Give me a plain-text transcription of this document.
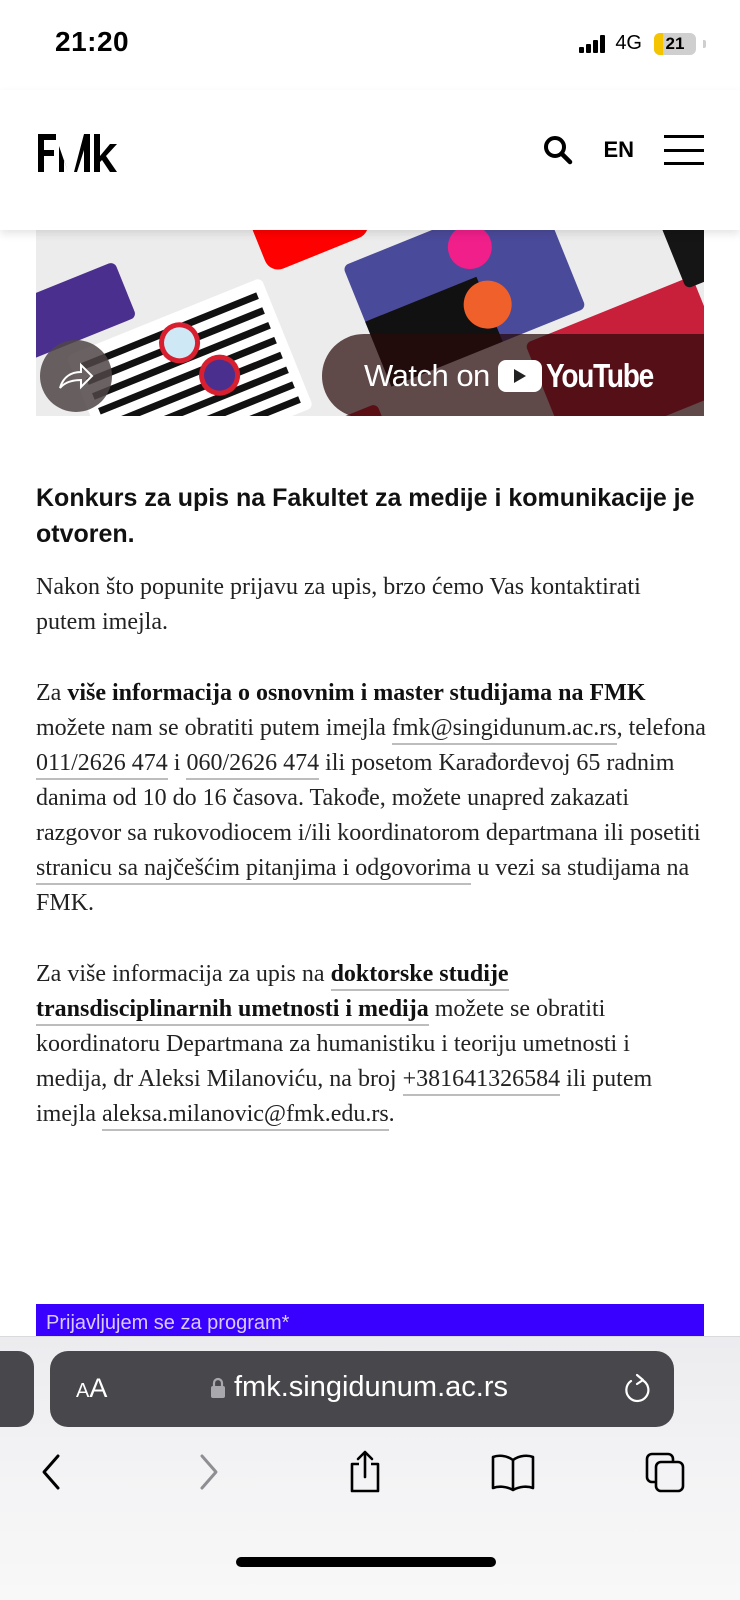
21:20	4G	21
EN
Watch on YouTube
Konkurs za upis na Fakultet za medije i komunikacije je otvoren.

Nakon što popunite prijavu za upis, brzo ćemo Vas kontaktirati putem imejla.

Za više informacija o osnovnim i master studijama na FMK možete nam se obratiti putem imejla fmk@singidunum.ac.rs, telefona 011/2626 474 i 060/2626 474 ili posetom Karađorđevoj 65 radnim danima od 10 do 16 časova. Takođe, možete unapred zakazati razgovor sa rukovodiocem i/ili koordinatorom departmana ili posetiti stranicu sa najčešćim pitanjima i odgovorima u vezi sa studijama na FMK.

Za više informacija za upis na doktorske studije transdisciplinarnih umetnosti i medija možete se obratiti koordinatoru Departmana za humanistiku i teoriju umetnosti i medija, dr Aleksi Milanoviću, na broj +381641326584 ili putem imejla aleksa.milanovic@fmk.edu.rs.

Prijavljujem se za program*
AA	fmk.singidunum.ac.rs
